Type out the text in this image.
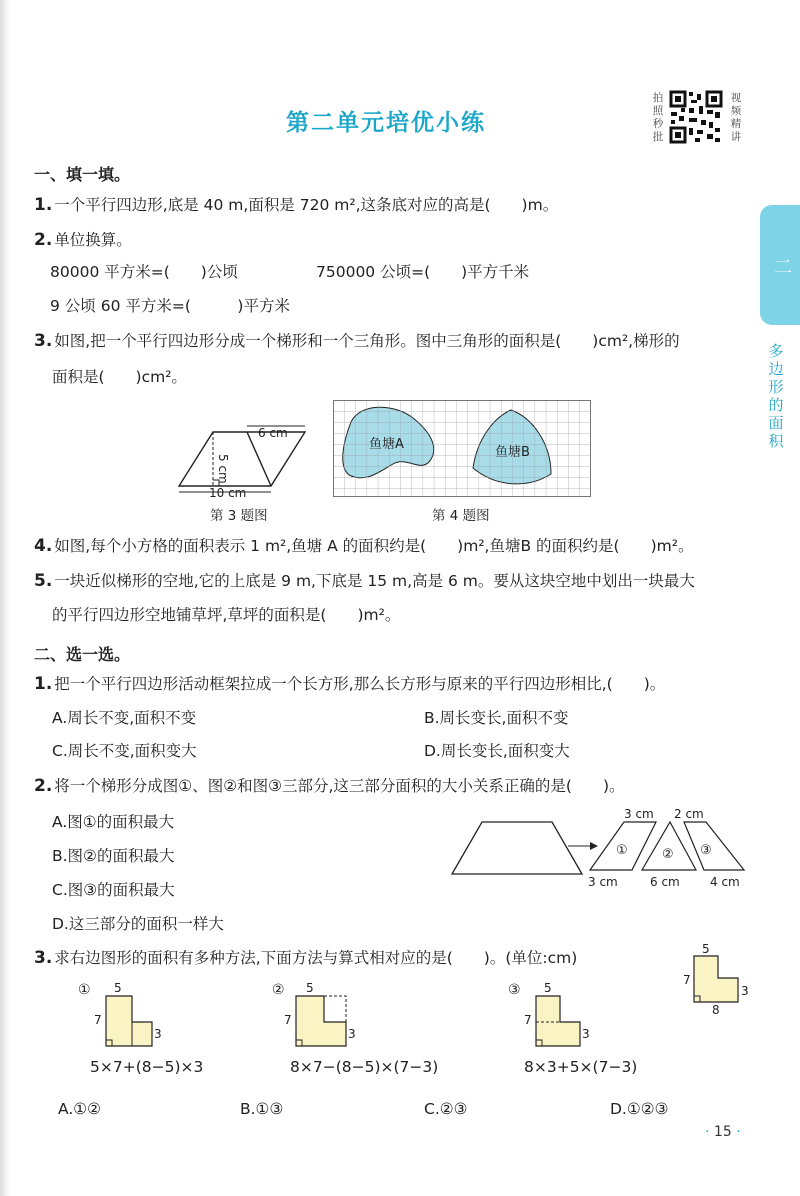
第二单元培优小练
拍
照
秒
批
视
频
精
讲
二
多
边
形
的
面
积
一、填一填。
1. 一个平行四边形,底是 40 m,面积是 720 m²,这条底对应的高是(　　)m。
2. 单位换算。
80000 平方米=(　　)公顷	750000 公顷=(　　)平方千米
9 公顷 60 平方米=(　　　)平方米
3. 如图,把一个平行四边形分成一个梯形和一个三角形。图中三角形的面积是(　　)cm²,梯形的
面积是(　　)cm²。
6 cm
5 cm
10 cm
第 3 题图
鱼塘A
鱼塘B
第 4 题图
4. 如图,每个小方格的面积表示 1 m²,鱼塘 A 的面积约是(　　)m²,鱼塘B 的面积约是(　　)m²。
5. 一块近似梯形的空地,它的上底是 9 m,下底是 15 m,高是 6 m。要从这块空地中划出一块最大
的平行四边形空地铺草坪,草坪的面积是(　　)m²。
二、选一选。
1. 把一个平行四边形活动框架拉成一个长方形,那么长方形与原来的平行四边形相比,(　　)。
A.周长不变,面积不变	B.周长变长,面积不变
C.周长不变,面积变大	D.周长变长,面积变大
2. 将一个梯形分成图①、图②和图③三部分,这三部分面积的大小关系正确的是(　　)。
A.图①的面积最大
B.图②的面积最大
C.图③的面积最大
D.这三部分的面积一样大
3 cm 2 cm
3 cm	6 cm	4 cm
①	② ③
3. 求右边图形的面积有多种方法,下面方法与算式相对应的是(　　)。(单位:cm)	5
7
3
8
① 5
7
3
5×7+(8−5)×3
② 5
7
3
8×7−(8−5)×(7−3)
③ 5
7
3
8×3+5×(7−3)
A.①②	B.①③	C.②③	D.①②③
· 15 ·
